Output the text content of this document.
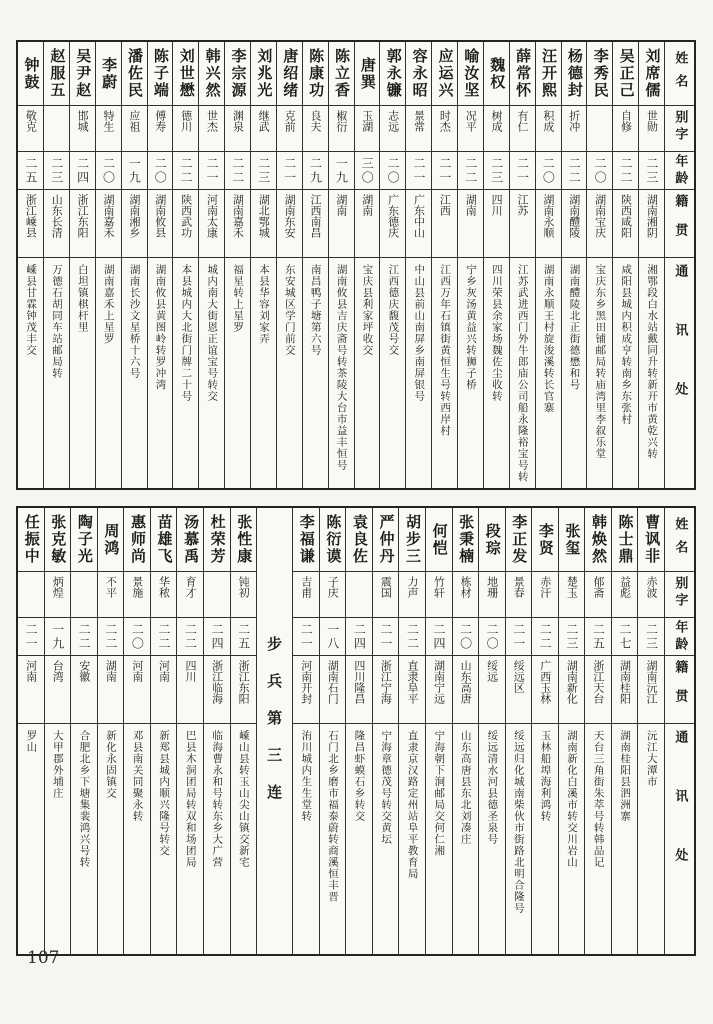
姓名
别字
年龄
籍贯
通讯处
刘席儒
世勋
二三
湖南湘阴
湘鄂段白水站戴同升转新开市黄乾兴转
吴正己
自修
二二
陕西咸阳
咸阳县城内积成亨转南乡东张村
李秀民
二〇
湖南宝庆
宝庆东乡黑田铺邮局转庙湾里李叙乐堂
杨德封
折冲
二二
湖南醴陵
湖南醴陵北正街德懋和号
汪开熙
积成
二〇
湖南永顺
湖南永顺王村旋浚溪转长官寨
薛常怀
有仁
二一
江苏
江苏武进西门外牛郎庙公司船永隆裕宝号转
魏权
树成
二三
四川
四川荣县余家场魏佐尘收转
喻汝坚
况平
二二
湖南
宁乡灰汤黄益兴转狮子桥
应运兴
时杰
二一
江西
江西万年石镇街黄恒生号转西岸村
容永昭
景常
二一
广东中山
中山县前山南屏乡南屏银号
郭永镰
志远
二〇
广东德庆
江西德庆馥茂号交
唐巽
玉湖
三〇
湖南
宝庆县利家坪收交
陈立香
椒衍
一九
湖南
湖南攸县吉庆斋号转茶陵大台市益丰恒号
陈康功
良夫
二九
江西南昌
南昌鸭子塘第六号
唐绍绪
克前
二一
湖南东安
东安城区学门前交
刘兆光
继武
二三
湖北鄂城
本县华容刘家弄
李宗源
渊泉
二二
湖南嘉禾
福星转上星罗
韩兴然
世杰
二一
河南太康
城内南大街恩正谊宝号转交
刘世懋
德川
二二
陕西武功
本县城内大北街门牌二十号
陈子端
傅寿
二〇
湖南攸县
湖南攸县黄图岭转罗冲湾
潘佐民
应祖
一九
湖南湘乡
湖南长沙文星桥十六号
李蔚
特生
二〇
湖南嘉禾
湖南嘉禾上星罗
吴尹赵
邯城
二四
浙江东阳
白坦镇棋杆里
赵服五
二三
山东长清
万德石胡同车站邮局转
钟鼓
敬克
二五
浙江嵊县
嵊县甘霖钟茂丰交
姓名
别字
年龄
籍贯
通讯处
曹讽非
赤波
二三
湖南沅江
沅江大潭市
陈士鼎
益彪
二七
湖南桂阳
湖南桂阳县泗洲寨
韩焕然
郁斋
二五
浙江天台
天台三角街朱萃号转韩品记
张玺
楚玉
二三
湖南新化
湖南新化白溪市转交川岩山
李贤
赤汗
二二
广西玉林
玉林船埠海利鸿转
李正发
景春
二一
绥远区
绥远归化城南柴伙市街路北明合隆号
段琮
地珊
二〇
绥远
绥远清水河县德圣泉号
张秉楠
栋材
二〇
山东高唐
山东高唐县东北刘凑庄
何恺
竹轩
二四
湖南宁远
宁海朝下涧邮局交何仁湘
胡步三
力声
二二
直隶阜平
直隶京汉路定州站阜平教育局
严仲丹
震国
二一
浙江宁海
宁海章德茂号转交黄坛
袁良佐
二四
四川隆昌
隆昌虾蟆石乡转交
陈衍谟
子庆
一八
湖南石门
石门北乡磨市福泰蔚转商溪恒丰晋
李福谦
吉甫
二一
河南开封
洧川城内生生堂转
步兵第三连
张性康
钝初
二五
浙江东阳
嵊山县转玉山尖山镇交新宅
杜荣芳
二四
浙江临海
临海曹永和号转东乡大广营
汤慕禹
育才
二二
四川
巴县木洞团局转双和场团局
苗雄飞
华秾
二二
河南
新郑县城内顺兴隆号转交
惠师尚
景施
二〇
河南
邓县南关同聚永转
周鸿
不平
二二
湖南
新化永固镇交
陶子光
二二
安徽
合肥北乡下塘集裴鸿兴号转
张克敏
炳煌
一九
台湾
大甲郡外埔庄
任振中
二一
河南
罗山
107
